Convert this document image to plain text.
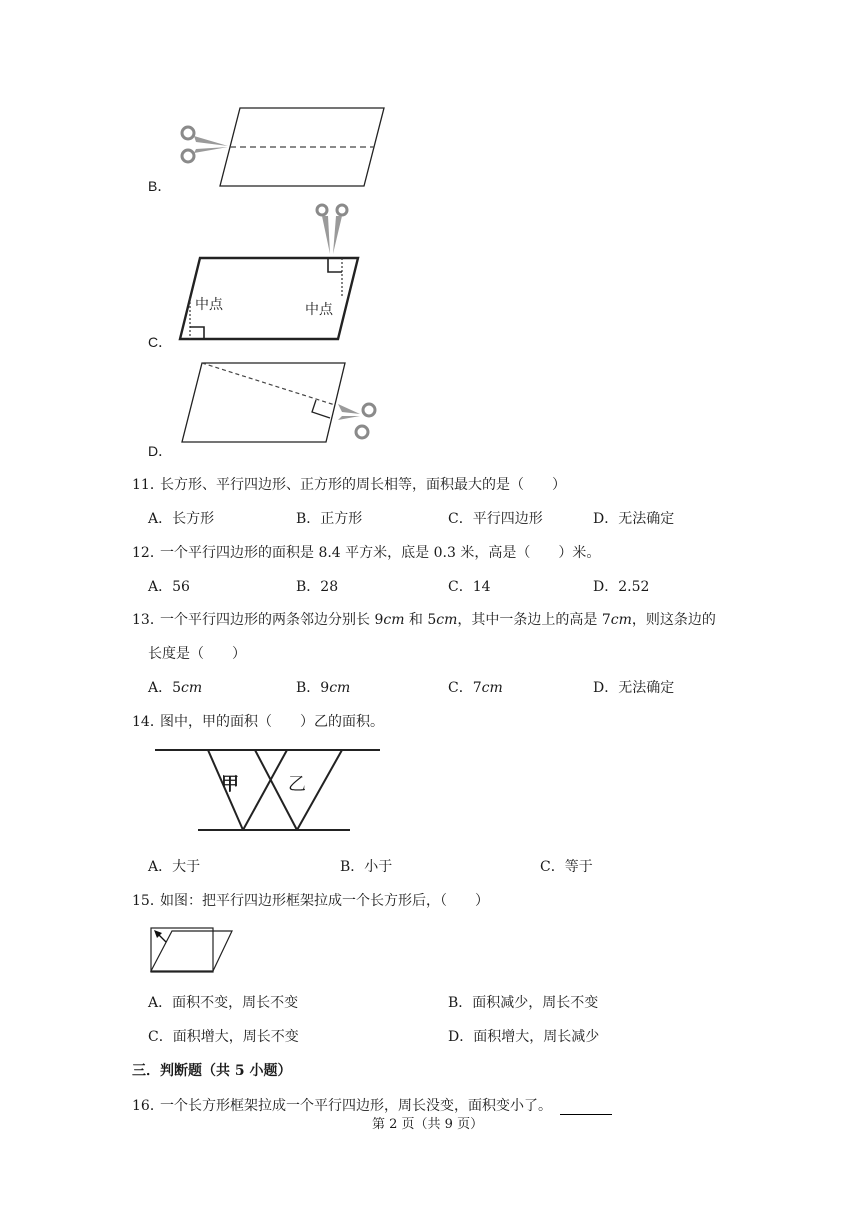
B．
中点	中点
C．
D．
11．
长方形、平行四边形、正方形的周长相等，面积最大的是（　　）
A．长方形	B．正方形	C．平行四边形	D．无法确定
12．
一个平行四边形的面积是 8.4 平方米，底是 0.3 米，高是（　　）米。
A．56	B．28	C．14	D．2.52
13．
一个平行四边形的两条邻边分别长 9cm 和 5cm，其中一条边上的高是 7cm，则这条边的
长度是（　　）
A．5cm	B．9cm	C．7cm	D．无法确定
14．
图中，甲的面积（　　）乙的面积。
甲	乙
A．大于	B．小于	C．等于
15．
如图：把平行四边形框架拉成一个长方形后，（　　）
A．面积不变，周长不变	B．面积减少，周长不变
C．面积增大，周长不变	D．面积增大，周长减少
三．判断题（共 5 小题）
16．
一个长方形框架拉成一个平行四边形，周长没变，面积变小了。
第 2 页（共 9 页）
